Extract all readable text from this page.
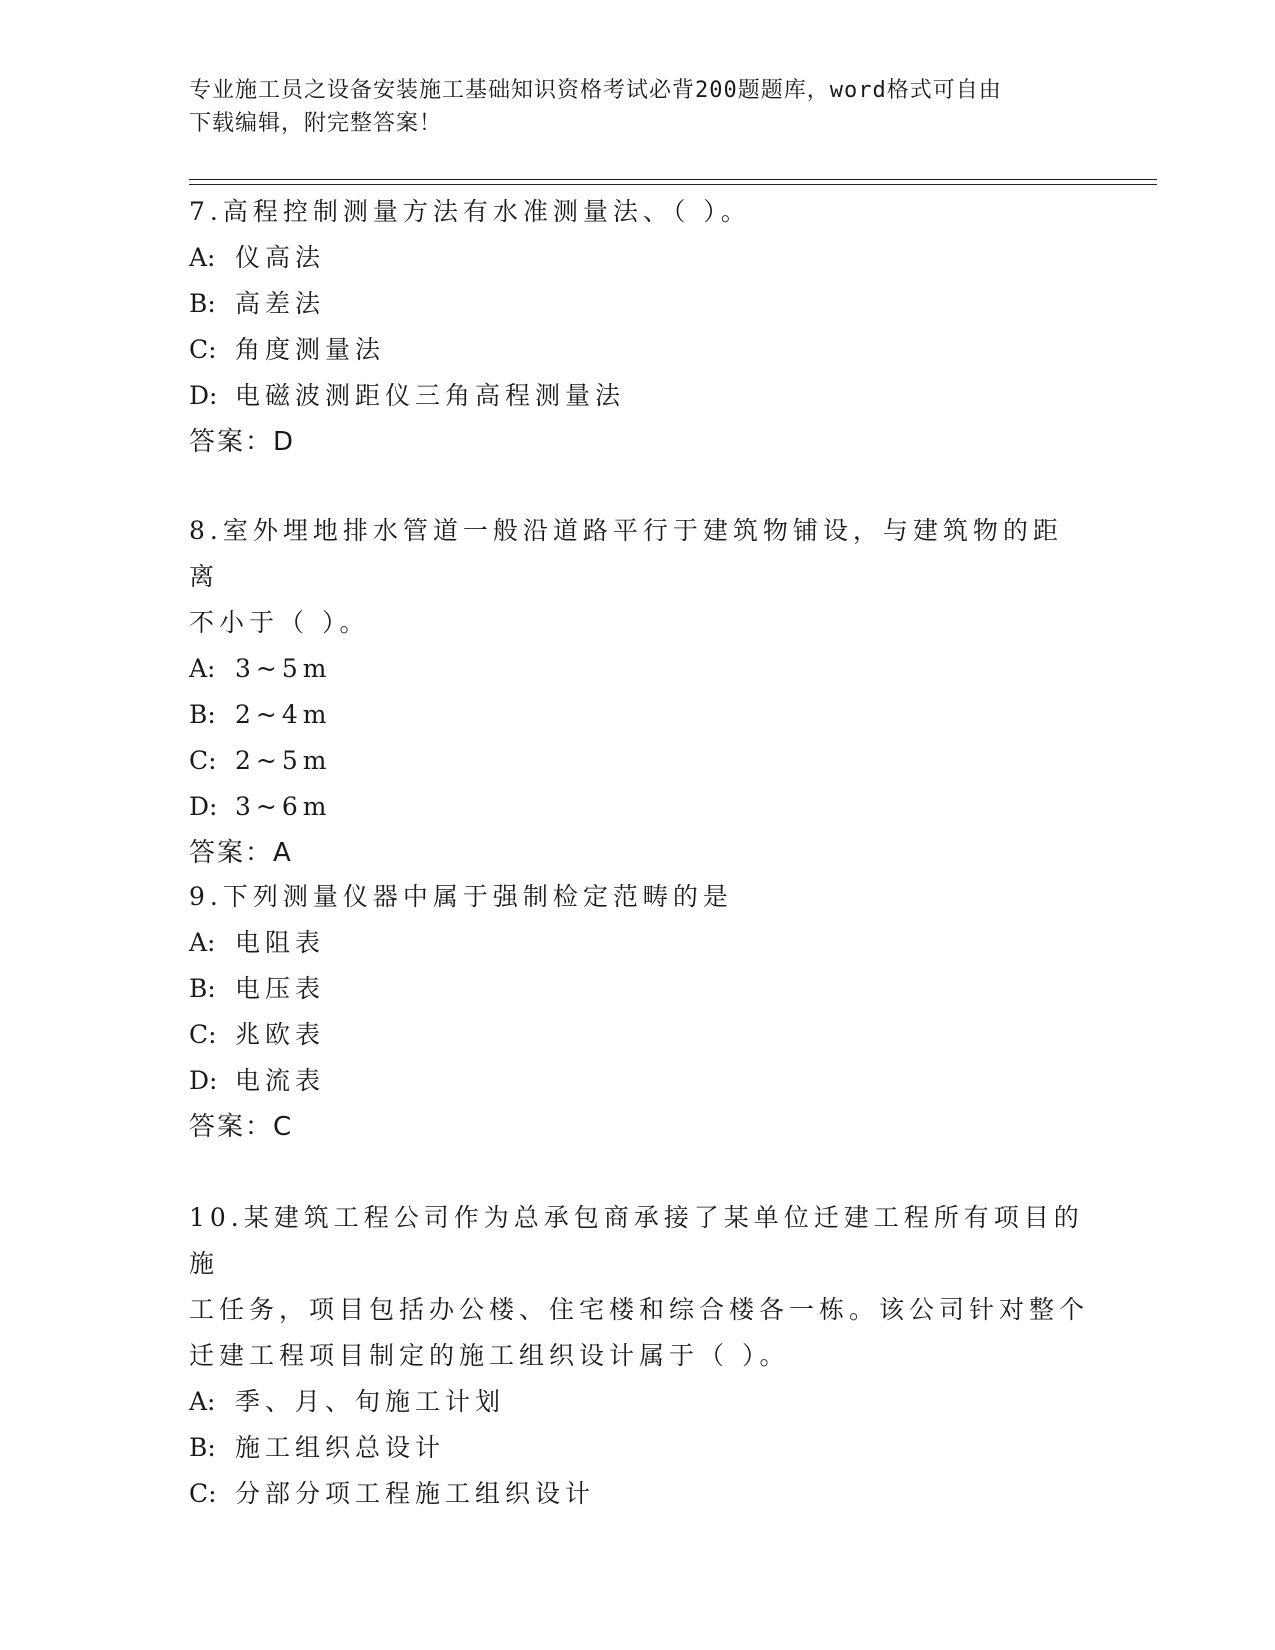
专业施工员之设备安装施工基础知识资格考试必背200题题库，word格式可自由
下载编辑，附完整答案！

7.高程控制测量方法有水准测量法、（ ）。

A: 仪高法

B: 高差法

C: 角度测量法

D: 电磁波测距仪三角高程测量法

答案：D

8.室外埋地排水管道一般沿道路平行于建筑物铺设，与建筑物的距离

不小于（ ）。

A: 3~5m

B: 2~4m

C: 2~5m

D: 3~6m

答案：A

9.下列测量仪器中属于强制检定范畴的是

A: 电阻表

B: 电压表

C: 兆欧表

D: 电流表

答案：C

10.某建筑工程公司作为总承包商承接了某单位迁建工程所有项目的施

工任务，项目包括办公楼、住宅楼和综合楼各一栋。该公司针对整个

迁建工程项目制定的施工组织设计属于（ ）。

A: 季、月、旬施工计划

B: 施工组织总设计

C: 分部分项工程施工组织设计
